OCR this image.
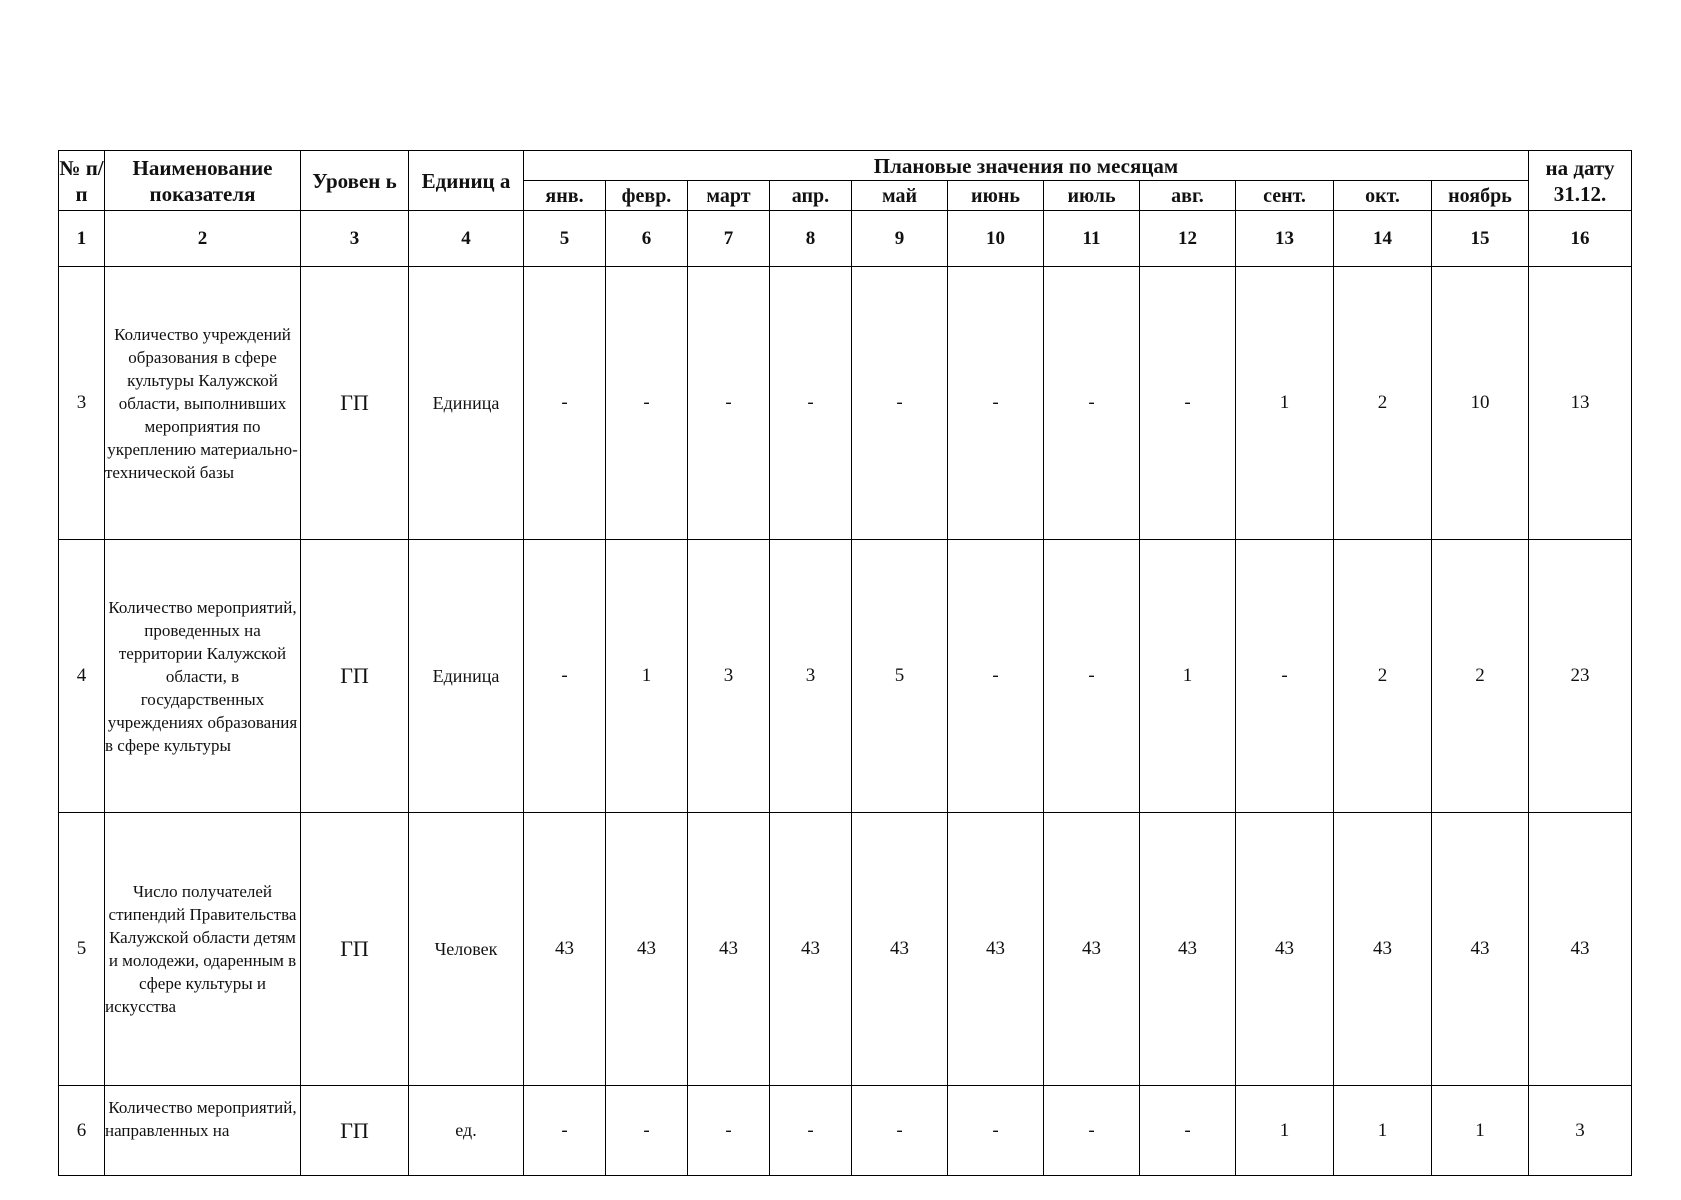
№ п/п	Наименование показателя	Уровен ь	Единиц а	Плановые значения по месяцам											на дату 31.12.
				янв.	февр.	март	апр.	май	июнь	июль	авг.	сент.	окт.	ноябрь	
1	2	3	4	5	6	7	8	9	10	11	12	13	14	15	16
3	Количество учреждений образования в сфере культуры Калужской области, выполнивших мероприятия по укреплению материально-технической базы	ГП	Единица	-	-	-	-	-	-	-	-	1	2	10	13
4	Количество мероприятий, проведенных на территории Калужской области, в государственных учреждениях образования в сфере культуры	ГП	Единица	-	1	3	3	5	-	-	1	-	2	2	23
5	Число получателей стипендий Правительства Калужской области детям и молодежи, одаренным в сфере культуры и искусства	ГП	Человек	43	43	43	43	43	43	43	43	43	43	43	43
6	Количество мероприятий, направленных на	ГП	ед.	-	-	-	-	-	-	-	-	1	1	1	3
